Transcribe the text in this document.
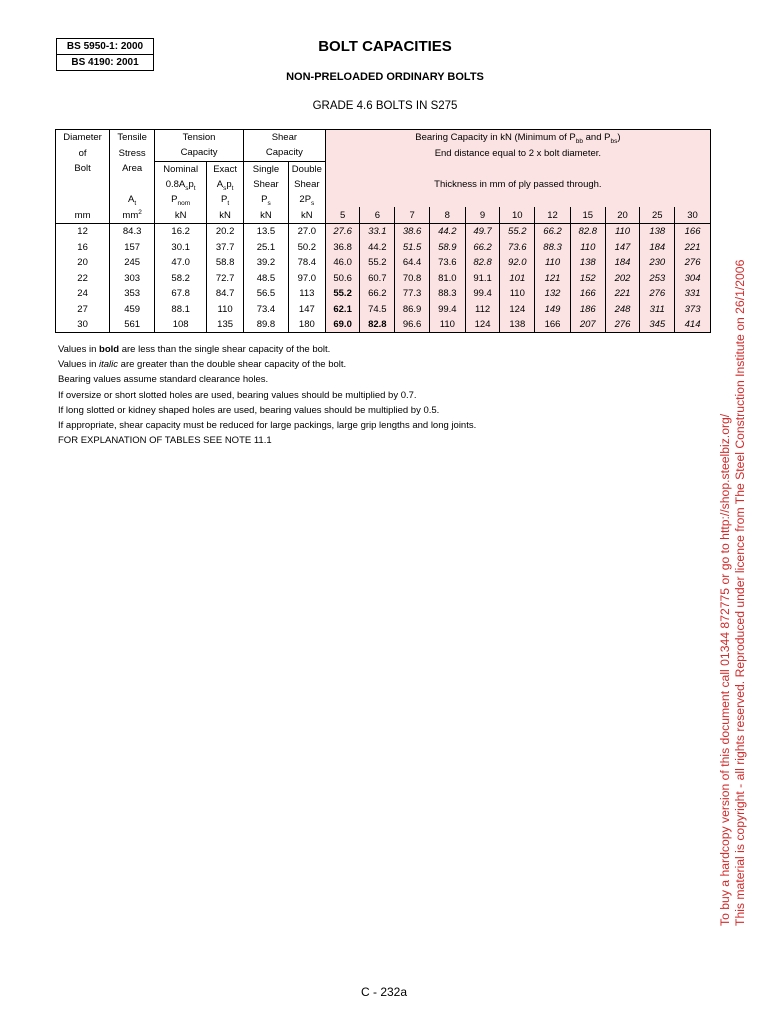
BS 5950-1: 2000
BS 4190: 2001
BOLT CAPACITIES
NON-PRELOADED ORDINARY BOLTS
GRADE 4.6 BOLTS IN S275
Diameter	Tensile	Tension		Shear		Bearing Capacity in kN (Minimum of $P_{bb}$ and $P_{bs}$)										
of	Stress	Capacity		Capacity		End distance equal to 2 x bolt diameter.										
Bolt	Area	Nominal	Exact	Single	Double											
		$0.8A_sp_t$	$A_sp_t$	Shear	Shear	Thickness in mm of ply passed through.										
	$A_t$	$P_{nom}$	$P_t$	$P_s$	$2P_s$	
mm	$mm^2$	kN	kN	kN	kN	5	6	7	8	9	10	12	15	20	25	30
12	84.3	16.2	20.2	13.5	27.0	27.6	33.1	38.6	44.2	49.7	55.2	66.2	82.8	110	138	166
16	157	30.1	37.7	25.1	50.2	36.8	44.2	51.5	58.9	66.2	73.6	88.3	110	147	184	221
20	245	47.0	58.8	39.2	78.4	46.0	55.2	64.4	73.6	82.8	92.0	110	138	184	230	276
22	303	58.2	72.7	48.5	97.0	50.6	60.7	70.8	81.0	91.1	101	121	152	202	253	304
24	353	67.8	84.7	56.5	113	55.2	66.2	77.3	88.3	99.4	110	132	166	221	276	331
27	459	88.1	110	73.4	147	62.1	74.5	86.9	99.4	112	124	149	186	248	311	373
30	561	108	135	89.8	180	69.0	82.8	96.6	110	124	138	166	207	276	345	414
Values in bold are less than the single shear capacity of the bolt.
Values in italic are greater than the double shear capacity of the bolt.
Bearing values assume standard clearance holes.
If oversize or short slotted holes are used, bearing values should be multiplied by 0.7.
If long slotted or kidney shaped holes are used, bearing values should be multiplied by 0.5.
If appropriate, shear capacity must be reduced for large packings, large grip lengths and long joints.
FOR EXPLANATION OF TABLES SEE NOTE 11.1	To buy a hardcopy version of this document call 01344 872775 or go to http://shop.steelbiz.org/ This material is copyright - all rights reserved. Reproduced under licence from The Steel Construction Institute on 26/1/2006
C - 232a
